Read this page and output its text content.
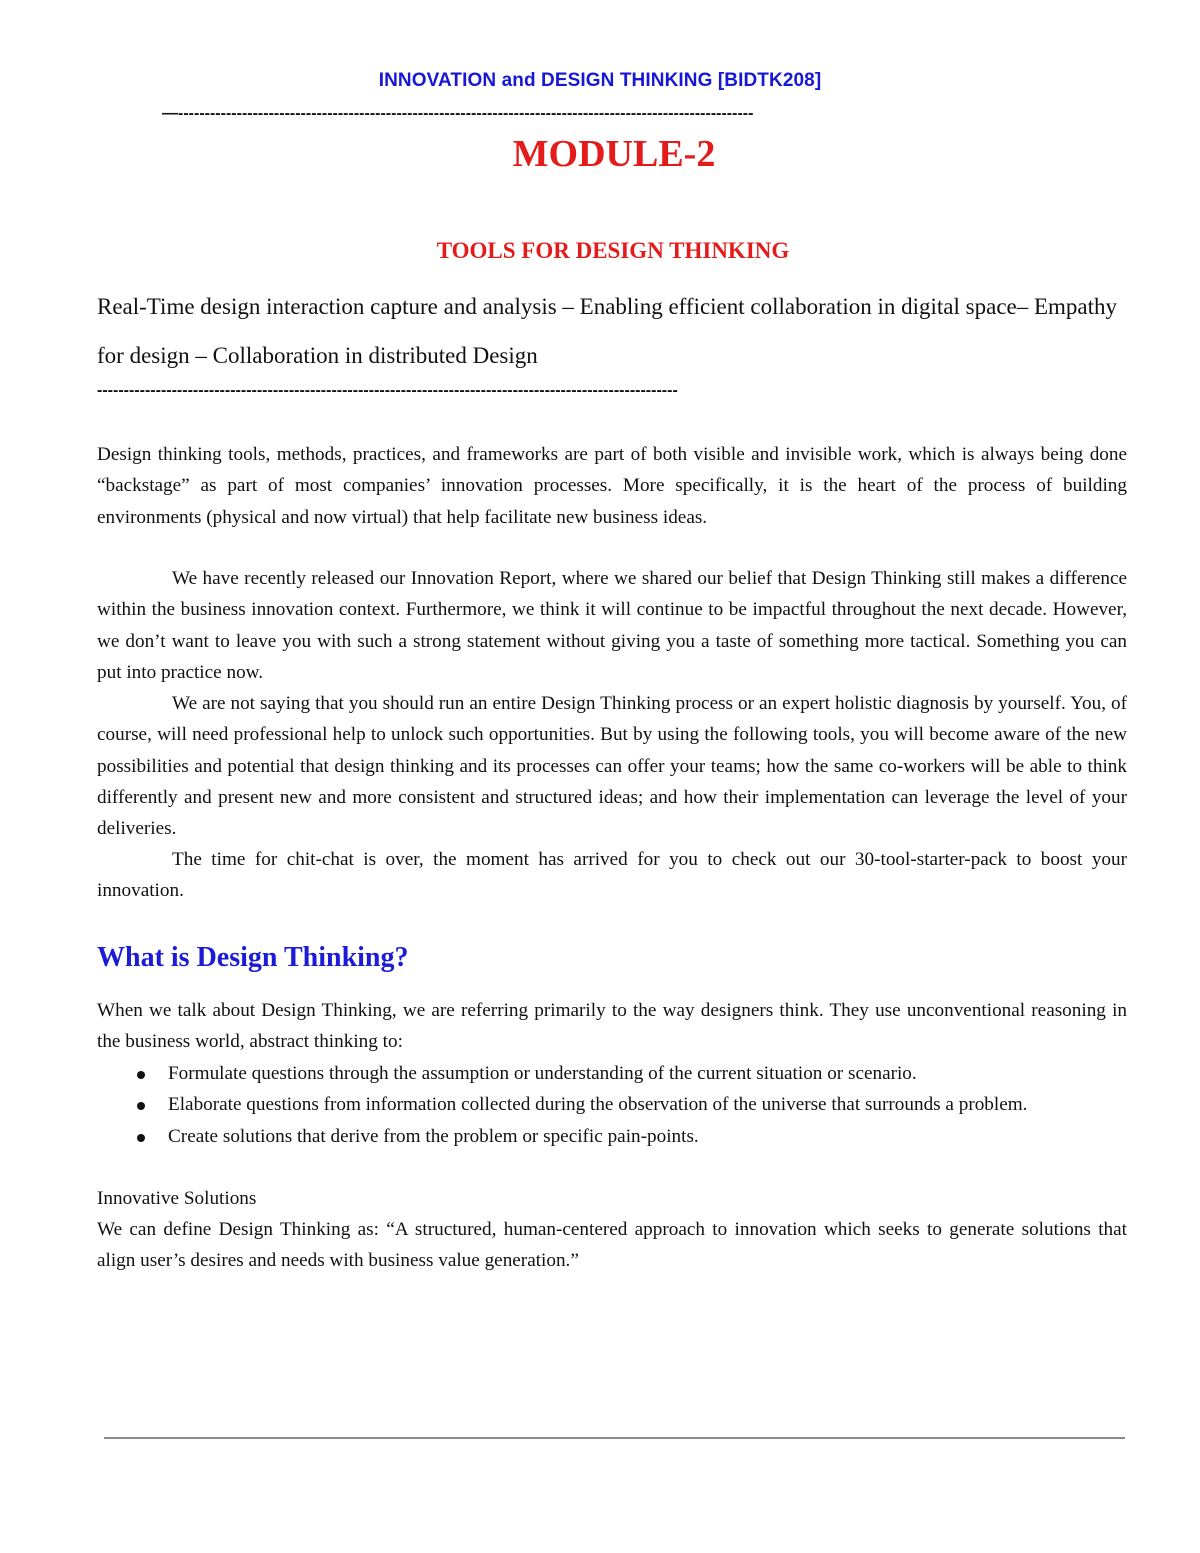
INNOVATION and DESIGN THINKING [BIDTK208]
—------------------------------------------------------------------------------------------------------------
MODULE-2
TOOLS FOR DESIGN THINKING
Real-Time design interaction capture and analysis – Enabling efficient collaboration in digital space– Empathy for design – Collaboration in distributed Design
-------------------------------------------------------------------------------------------------------------

Design thinking tools, methods, practices, and frameworks are part of both visible and invisible work, which is always being done “backstage” as part of most companies’ innovation processes. More specifically, it is the heart of the process of building environments (physical and now virtual) that help facilitate new business ideas.

We have recently released our Innovation Report, where we shared our belief that Design Thinking still makes a difference within the business innovation context. Furthermore, we think it will continue to be impactful throughout the next decade. However, we don’t want to leave you with such a strong statement without giving you a taste of something more tactical. Something you can put into practice now.

We are not saying that you should run an entire Design Thinking process or an expert holistic diagnosis by yourself. You, of course, will need professional help to unlock such opportunities. But by using the following tools, you will become aware of the new possibilities and potential that design thinking and its processes can offer your teams; how the same co-workers will be able to think differently and present new and more consistent and structured ideas; and how their implementation can leverage the level of your deliveries.

The time for chit-chat is over, the moment has arrived for you to check out our 30-tool-starter-pack to boost your innovation.

What is Design Thinking?

When we talk about Design Thinking, we are referring primarily to the way designers think. They use unconventional reasoning in the business world, abstract thinking to:

Formulate questions through the assumption or understanding of the current situation or scenario.
Elaborate questions from information collected during the observation of the universe that surrounds a problem.
Create solutions that derive from the problem or specific pain-points.
Innovative Solutions

We can define Design Thinking as: “A structured, human-centered approach to innovation which seeks to generate solutions that align user’s desires and needs with business value generation.”
